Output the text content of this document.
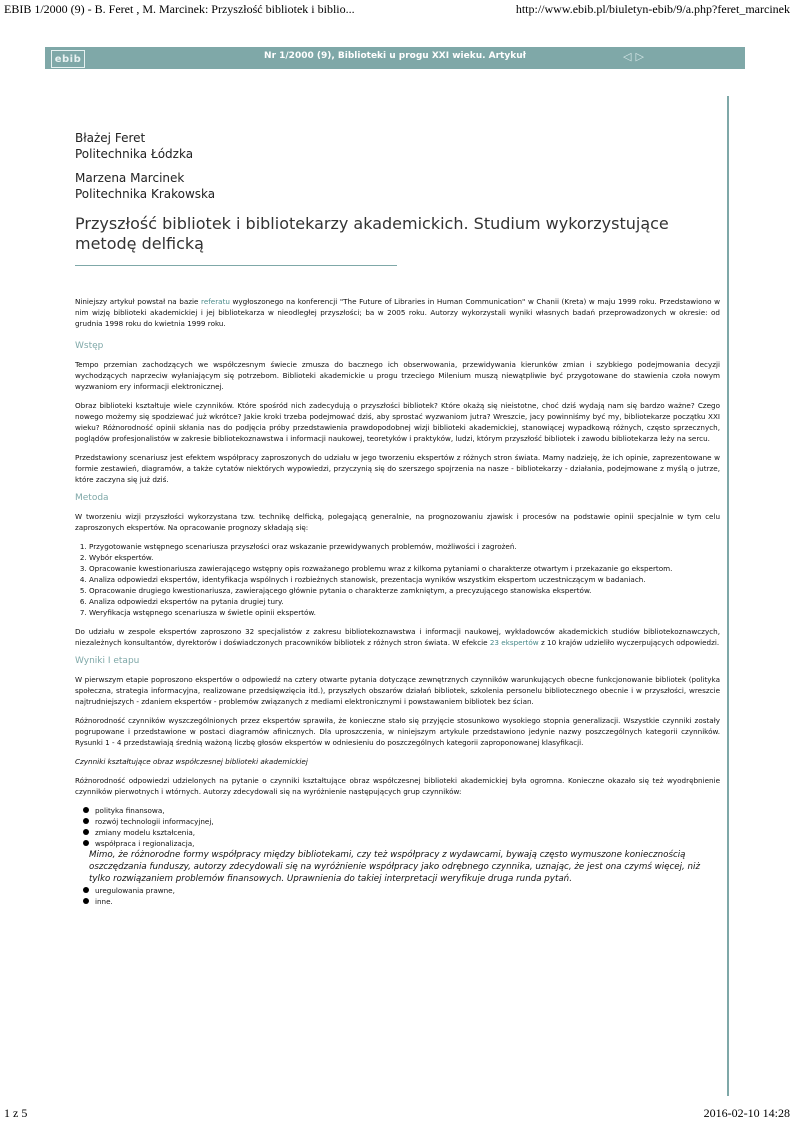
EBIB 1/2000 (9) - B. Feret , M. Marcinek: Przyszłość bibliotek i biblio...	http://www.ebib.pl/biuletyn-ebib/9/a.php?feret_marcinek
ebib	Nr 1/2000 (9), Biblioteki u progu XXI wieku. Artykuł	◁ ▷
Błażej Feret
Politechnika Łódzka
Marzena Marcinek
Politechnika Krakowska
Przyszłość bibliotek i bibliotekarzy akademickich. Studium wykorzystujące metodę delficką

Niniejszy artykuł powstał na bazie referatu wygłoszonego na konferencji "The Future of Libraries in Human Communication" w Chanii (Kreta) w maju 1999 roku. Przedstawiono w nim wizję biblioteki akademickiej i jej bibliotekarza w nieodległej przyszłości; ba w 2005 roku. Autorzy wykorzystali wyniki własnych badań przeprowadzonych w okresie: od grudnia 1998 roku do kwietnia 1999 roku.

Wstęp

Tempo przemian zachodzących we współczesnym świecie zmusza do bacznego ich obserwowania, przewidywania kierunków zmian i szybkiego podejmowania decyzji wychodzących naprzeciw wyłaniającym się potrzebom. Biblioteki akademickie u progu trzeciego Milenium muszą niewątpliwie być przygotowane do stawienia czoła nowym wyzwaniom ery informacji elektronicznej.

Obraz biblioteki kształtuje wiele czynników. Które spośród nich zadecydują o przyszłości bibliotek? Które okażą się nieistotne, choć dziś wydają nam się bardzo ważne? Czego nowego możemy się spodziewać już wkrótce? Jakie kroki trzeba podejmować dziś, aby sprostać wyzwaniom jutra? Wreszcie, jacy powinniśmy być my, bibliotekarze początku XXI wieku? Różnorodność opinii skłania nas do podjęcia próby przedstawienia prawdopodobnej wizji biblioteki akademickiej, stanowiącej wypadkową różnych, często sprzecznych, poglądów profesjonalistów w zakresie bibliotekoznawstwa i informacji naukowej, teoretyków i praktyków, ludzi, którym przyszłość bibliotek i zawodu bibliotekarza leży na sercu.

Przedstawiony scenariusz jest efektem współpracy zaproszonych do udziału w jego tworzeniu ekspertów z różnych stron świata. Mamy nadzieję, że ich opinie, zaprezentowane w formie zestawień, diagramów, a także cytatów niektórych wypowiedzi, przyczynią się do szerszego spojrzenia na nasze - bibliotekarzy - działania, podejmowane z myślą o jutrze, które zaczyna się już dziś.

Metoda

W tworzeniu wizji przyszłości wykorzystana tzw. technikę delficką, polegającą generalnie, na prognozowaniu zjawisk i procesów na podstawie opinii specjalnie w tym celu zaproszonych ekspertów. Na opracowanie prognozy składają się:

1. Przygotowanie wstępnego scenariusza przyszłości oraz wskazanie przewidywanych problemów, możliwości i zagrożeń.
2. Wybór ekspertów.
3. Opracowanie kwestionariusza zawierającego wstępny opis rozważanego problemu wraz z kilkoma pytaniami o charakterze otwartym i przekazanie go ekspertom.
4. Analiza odpowiedzi ekspertów, identyfikacja wspólnych i rozbieżnych stanowisk, prezentacja wyników wszystkim ekspertom uczestniczącym w badaniach.
5. Opracowanie drugiego kwestionariusza, zawierającego głównie pytania o charakterze zamkniętym, a precyzującego stanowiska ekspertów.
6. Analiza odpowiedzi ekspertów na pytania drugiej tury.
7. Weryfikacja wstępnego scenariusza w świetle opinii ekspertów.

Do udziału w zespole ekspertów zaproszono 32 specjalistów z zakresu bibliotekoznawstwa i informacji naukowej, wykładowców akademickich studiów bibliotekoznawczych, niezależnych konsultantów, dyrektorów i doświadczonych pracowników bibliotek z różnych stron świata. W efekcie 23 ekspertów z 10 krajów udzieliło wyczerpujących odpowiedzi.

Wyniki I etapu

W pierwszym etapie poproszono ekspertów o odpowiedź na cztery otwarte pytania dotyczące zewnętrznych czynników warunkujących obecne funkcjonowanie bibliotek (polityka społeczna, strategia informacyjna, realizowane przedsięwzięcia itd.), przyszłych obszarów działań bibliotek, szkolenia personelu bibliotecznego obecnie i w przyszłości, wreszcie najtrudniejszych - zdaniem ekspertów - problemów związanych z mediami elektronicznymi i powstawaniem bibliotek bez ścian.

Różnorodność czynników wyszczególnionych przez ekspertów sprawiła, że konieczne stało się przyjęcie stosunkowo wysokiego stopnia generalizacji. Wszystkie czynniki zostały pogrupowane i przedstawione w postaci diagramów afinicznych. Dla uproszczenia, w niniejszym artykule przedstawiono jedynie nazwy poszczególnych kategorii czynników. Rysunki 1 - 4 przedstawiają średnią ważoną liczbę głosów ekspertów w odniesieniu do poszczególnych kategorii zaproponowanej klasyfikacji.

Czynniki kształtujące obraz współczesnej biblioteki akademickiej

Różnorodność odpowiedzi udzielonych na pytanie o czynniki kształtujące obraz współczesnej biblioteki akademickiej była ogromna. Konieczne okazało się też wyodrębnienie czynników pierwotnych i wtórnych. Autorzy zdecydowali się na wyróżnienie następujących grup czynników:

polityka finansowa,
rozwój technologii informacyjnej,
zmiany modelu kształcenia,
współpraca i regionalizacja,

Mimo, że różnorodne formy współpracy między bibliotekami, czy też współpracy z wydawcami, bywają często wymuszone koniecznością oszczędzania funduszy, autorzy zdecydowali się na wyróżnienie współpracy jako odrębnego czynnika, uznając, że jest ona czymś więcej, niż tylko rozwiązaniem problemów finansowych. Uprawnienia do takiej interpretacji weryfikuje druga runda pytań.

uregulowania prawne,
inne.
1 z 5	2016-02-10 14:28
